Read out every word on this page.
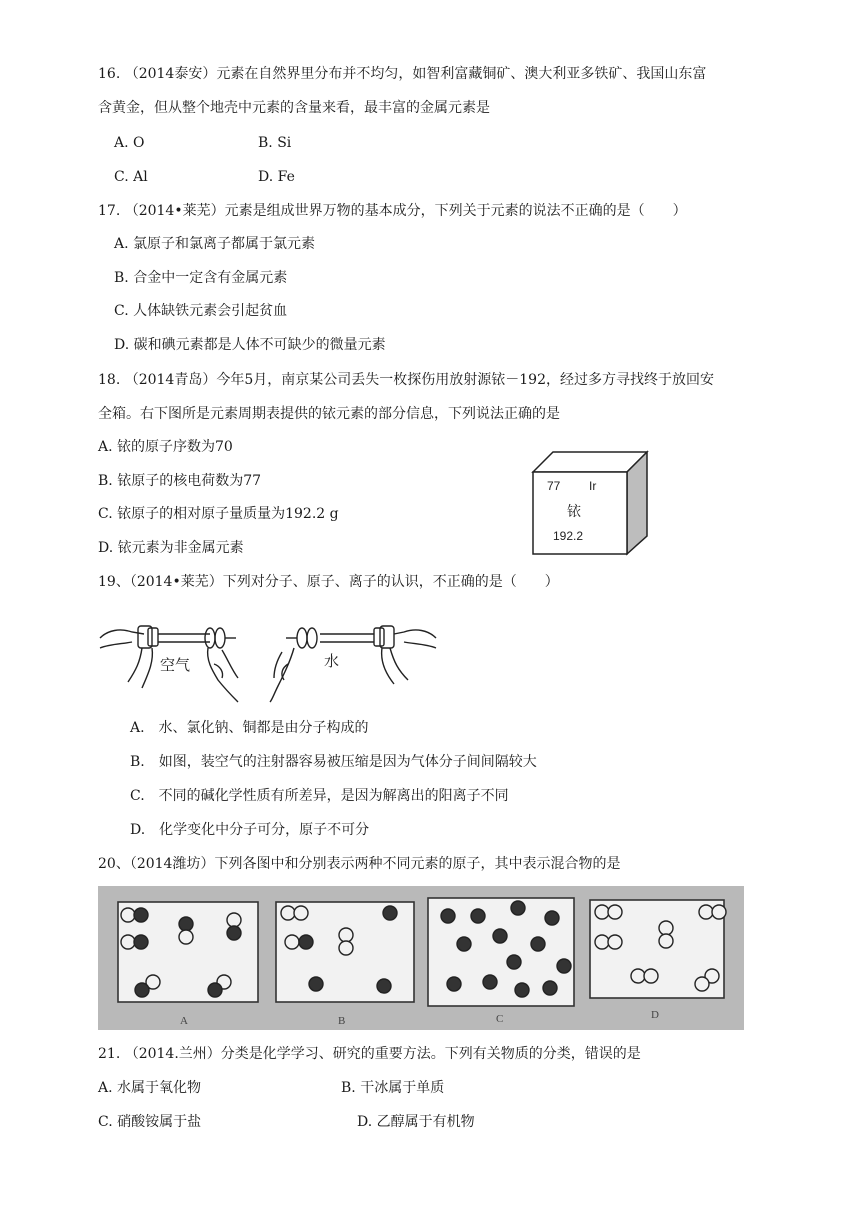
16. （2014泰安）元素在自然界里分布并不均匀，如智利富藏铜矿、澳大利亚多铁矿、我国山东富
含黄金，但从整个地壳中元素的含量来看，最丰富的金属元素是
A. O	B. Si
C. Al	D. Fe
17. （2014•莱芜）元素是组成世界万物的基本成分，下列关于元素的说法不正确的是（　　）
A. 氯原子和氯离子都属于氯元素
B. 合金中一定含有金属元素
C. 人体缺铁元素会引起贫血
D. 碳和碘元素都是人体不可缺少的微量元素
18. （2014青岛）今年5月，南京某公司丢失一枚探伤用放射源铱－192，经过多方寻找终于放回安
全箱。右下图所是元素周期表提供的铱元素的部分信息，下列说法正确的是
A. 铱的原子序数为70
B. 铱原子的核电荷数为77
C. 铱原子的相对原子量质量为192.2 g
D. 铱元素为非金属元素
77 Ir
铱
192.2
19、（2014•莱芜）下列对分子、原子、离子的认识，不正确的是（　　）
空气	水
A.　水、氯化钠、铜都是由分子构成的
B.　如图，装空气的注射器容易被压缩是因为气体分子间间隔较大
C.　不同的碱化学性质有所差异，是因为解离出的阳离子不同
D.　化学变化中分子可分，原子不可分
20、（2014潍坊）下列各图中和分别表示两种不同元素的原子，其中表示混合物的是
A	B	C	D
21. （2014.兰州）分类是化学学习、研究的重要方法。下列有关物质的分类，错误的是
A. 水属于氧化物	B. 干冰属于单质
C. 硝酸铵属于盐	D. 乙醇属于有机物
